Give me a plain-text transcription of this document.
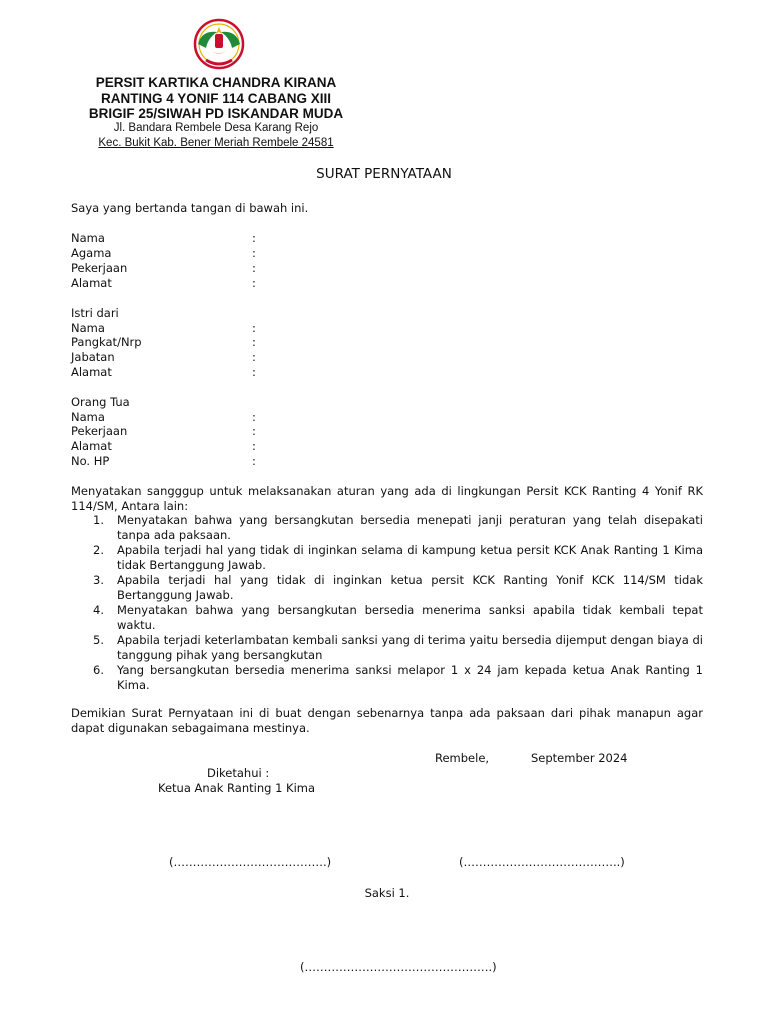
PERSIT KARTIKA CHANDRA KIRANA
RANTING 4 YONIF 114 CABANG XIII
BRIGIF 25/SIWAH PD ISKANDAR MUDA
Jl. Bandara Rembele Desa Karang Rejo
Kec. Bukit Kab. Bener Meriah Rembele 24581
SURAT PERNYATAAN
Saya yang bertanda tangan di bawah ini.
Nama	:
Agama	:
Pekerjaan	:
Alamat	:
Istri dari
Nama	:
Pangkat/Nrp	:
Jabatan	:
Alamat	:
Orang Tua
Nama	:
Pekerjaan	:
Alamat	:
No. HP	:
Menyatakan sangggup untuk melaksanakan aturan yang ada di lingkungan Persit KCK Ranting 4 Yonif RK 114/SM, Antara lain:
1. Menyatakan bahwa yang bersangkutan bersedia menepati janji peraturan yang telah disepakati tanpa ada paksaan.
2. Apabila terjadi hal yang tidak di inginkan selama di kampung ketua persit KCK Anak Ranting 1 Kima tidak Bertanggung Jawab.
3. Apabila terjadi hal yang tidak di inginkan ketua persit KCK Ranting Yonif KCK 114/SM tidak Bertanggung Jawab.
4. Menyatakan bahwa yang bersangkutan bersedia menerima sanksi apabila tidak kembali tepat waktu.
5. Apabila terjadi keterlambatan kembali sanksi yang di terima yaitu bersedia dijemput dengan biaya di tanggung pihak yang bersangkutan
6. Yang bersangkutan bersedia menerima sanksi melapor 1 x 24 jam kepada ketua Anak Ranting 1 Kima.
Demikian Surat Pernyataan ini di buat dengan sebenarnya tanpa ada paksaan dari pihak manapun agar dapat digunakan sebagaimana mestinya.
Rembele,	September 2024
Diketahui :
Ketua Anak Ranting 1 Kima
(………………………………….)	(…………………………………..)
Saksi 1.
(………………………………………….)
